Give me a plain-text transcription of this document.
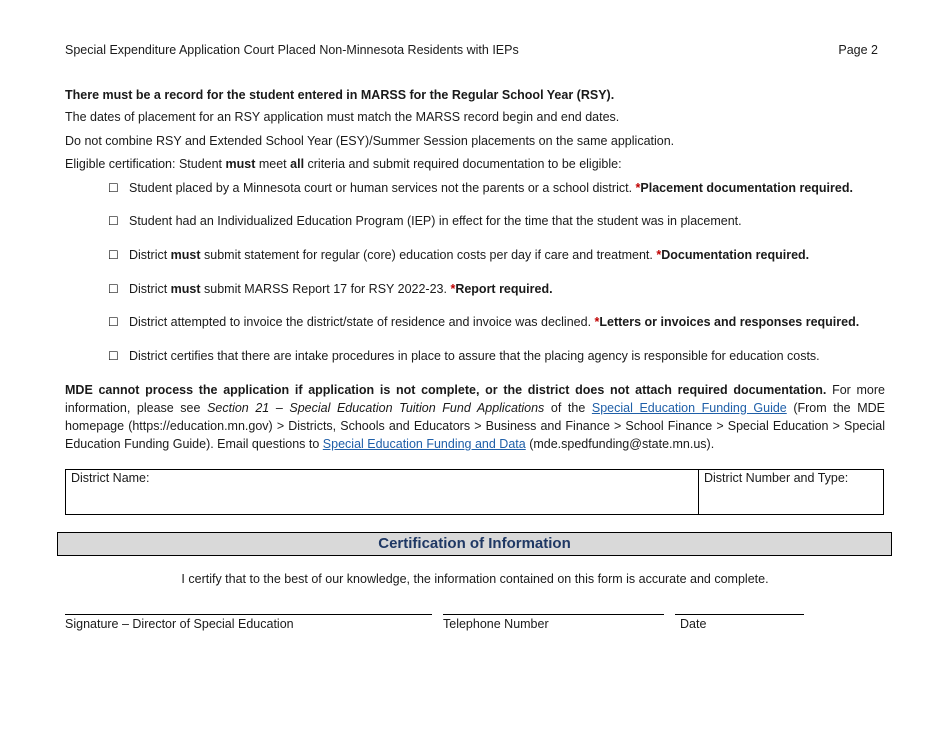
Special Expenditure Application Court Placed Non-Minnesota Residents with IEPs	Page 2
There must be a record for the student entered in MARSS for the Regular School Year (RSY).
The dates of placement for an RSY application must match the MARSS record begin and end dates.
Do not combine RSY and Extended School Year (ESY)/Summer Session placements on the same application.
Eligible certification: Student must meet all criteria and submit required documentation to be eligible:
☐ Student placed by a Minnesota court or human services not the parents or a school district. *Placement documentation required.
☐ Student had an Individualized Education Program (IEP) in effect for the time that the student was in placement.
☐ District must submit statement for regular (core) education costs per day if care and treatment. *Documentation required.
☐ District must submit MARSS Report 17 for RSY 2022-23. *Report required.
☐ District attempted to invoice the district/state of residence and invoice was declined. *Letters or invoices and responses required.
☐ District certifies that there are intake procedures in place to assure that the placing agency is responsible for education costs.
MDE cannot process the application if application is not complete, or the district does not attach required documentation. For more information, please see Section 21 – Special Education Tuition Fund Applications of the Special Education Funding Guide (From the MDE homepage (https://education.mn.gov) > Districts, Schools and Educators > Business and Finance > School Finance > Special Education > Special Education Funding Guide). Email questions to Special Education Funding and Data (mde.spedfunding@state.mn.us).
District Name:	District Number and Type:
Certification of Information
I certify that to the best of our knowledge, the information contained on this form is accurate and complete.
Signature – Director of Special Education	Telephone Number	Date
